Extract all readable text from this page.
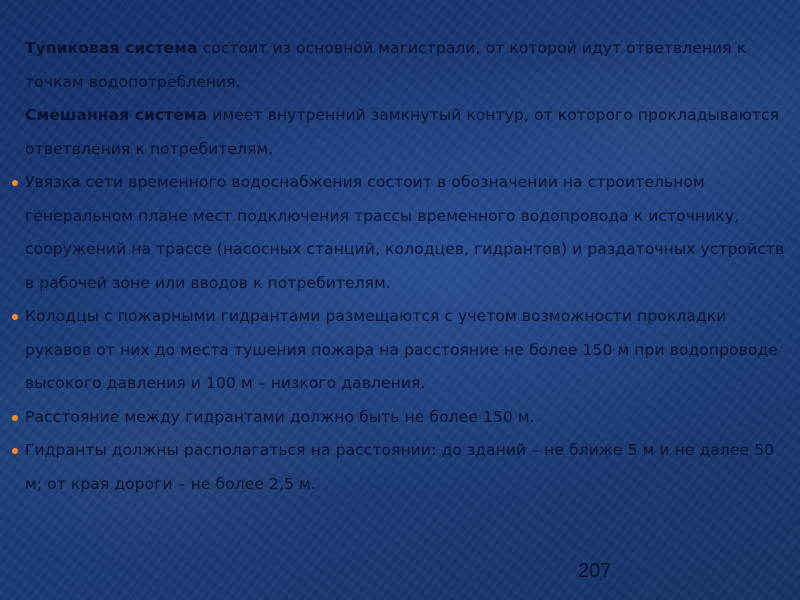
Тупиковая система состоит из основной магистрали, от которой идут ответвления к точкам водопотребления.

Смешанная система имеет внутренний замкнутый контур, от которого прокладываются ответвления к потребителям.

Увязка сети временного водоснабжения состоит в обозначении на строительном генеральном плане мест подключения трассы временного водопровода к источнику, сооружений на трассе (насосных станций, колодцев, гидрантов) и раздаточных устройств в рабочей зоне или вводов к потребителям.

Колодцы с пожарными гидрантами размещаются с учетом возможности прокладки рукавов от них до места тушения пожара на расстояние не более 150 м при водопроводе высокого давления и 100 м – низкого давления.

Расстояние между гидрантами должно быть не более 150 м.

Гидранты должны располагаться на расстоянии: до зданий – не ближе 5 м и не далее 50 м; от края дороги – не более 2,5 м.

207
